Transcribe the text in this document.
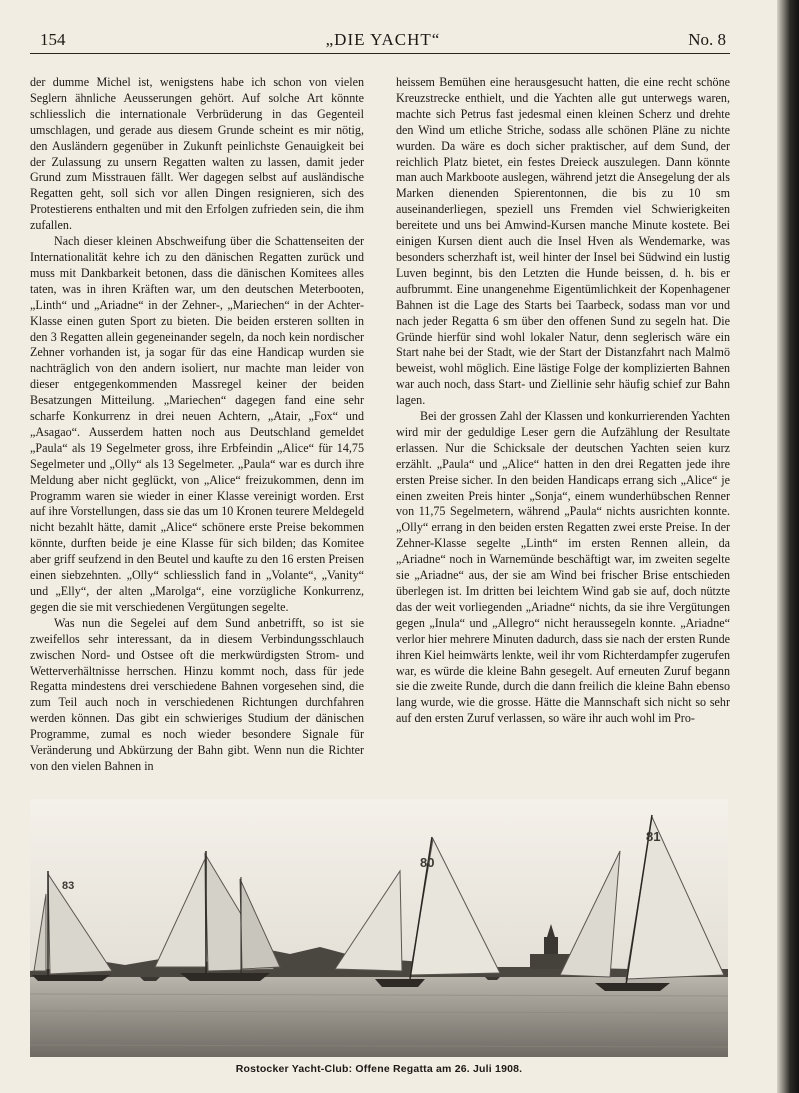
154	„DIE YACHT“	No. 8

der dumme Michel ist, wenigstens habe ich schon von vielen Seglern ähnliche Aeusserungen gehört. Auf solche Art könnte schliesslich die internationale Verbrüderung in das Gegenteil umschlagen, und gerade aus diesem Grunde scheint es mir nötig, den Ausländern gegenüber in Zukunft peinlichste Genauigkeit bei der Zulassung zu unsern Regatten walten zu lassen, damit jeder Grund zum Misstrauen fällt. Wer dagegen selbst auf ausländische Regatten geht, soll sich vor allen Dingen resignieren, sich des Protestierens enthalten und mit den Erfolgen zufrieden sein, die ihm zufallen.

Nach dieser kleinen Abschweifung über die Schattenseiten der Internationalität kehre ich zu den dänischen Regatten zurück und muss mit Dankbarkeit betonen, dass die dänischen Komitees alles taten, was in ihren Kräften war, um den deutschen Meterbooten, „Linth“ und „Ariadne“ in der Zehner-, „Mariechen“ in der Achter-Klasse einen guten Sport zu bieten. Die beiden ersteren sollten in den 3 Regatten allein gegeneinander segeln, da noch kein nordischer Zehner vorhanden ist, ja sogar für das eine Handicap wurden sie nachträglich von den andern isoliert, nur machte man leider von dieser entgegenkommenden Massregel keiner der beiden Besatzungen Mitteilung. „Mariechen“ dagegen fand eine sehr scharfe Konkurrenz in drei neuen Achtern, „Atair, „Fox“ und „Asagao“. Ausserdem hatten noch aus Deutschland gemeldet „Paula“ als 19 Segelmeter gross, ihre Erbfeindin „Alice“ für 14,75 Segelmeter und „Olly“ als 13 Segelmeter. „Paula“ war es durch ihre Meldung aber nicht geglückt, von „Alice“ freizukommen, denn im Programm waren sie wieder in einer Klasse vereinigt worden. Erst auf ihre Vorstellungen, dass sie das um 10 Kronen teurere Meldegeld nicht bezahlt hätte, damit „Alice“ schönere erste Preise bekommen könnte, durften beide je eine Klasse für sich bilden; das Komitee aber griff seufzend in den Beutel und kaufte zu den 16 ersten Preisen einen siebzehnten. „Olly“ schliesslich fand in „Volante“, „Vanity“ und „Elly“, der alten „Marolga“, eine vorzügliche Konkurrenz, gegen die sie mit verschiedenen Vergütungen segelte.

Was nun die Segelei auf dem Sund anbetrifft, so ist sie zweifellos sehr interessant, da in diesem Verbindungsschlauch zwischen Nord- und Ostsee oft die merkwürdigsten Strom- und Wetterverhältnisse herrschen. Hinzu kommt noch, dass für jede Regatta mindestens drei verschiedene Bahnen vorgesehen sind, die zum Teil auch noch in verschiedenen Richtungen durchfahren werden können. Das gibt ein schwieriges Studium der dänischen Programme, zumal es noch wieder besondere Signale für Veränderung und Abkürzung der Bahn gibt. Wenn nun die Richter von den vielen Bahnen in

heissem Bemühen eine herausgesucht hatten, die eine recht schöne Kreuzstrecke enthielt, und die Yachten alle gut unterwegs waren, machte sich Petrus fast jedesmal einen kleinen Scherz und drehte den Wind um etliche Striche, sodass alle schönen Pläne zu nichte wurden. Da wäre es doch sicher praktischer, auf dem Sund, der reichlich Platz bietet, ein festes Dreieck auszulegen. Dann könnte man auch Markboote auslegen, während jetzt die Ansegelung der als Marken dienenden Spierentonnen, die bis zu 10 sm auseinanderliegen, speziell uns Fremden viel Schwierigkeiten bereitete und uns bei Amwind-Kursen manche Minute kostete. Bei einigen Kursen dient auch die Insel Hven als Wendemarke, was besonders scherzhaft ist, weil hinter der Insel bei Südwind ein lustig Luven beginnt, bis den Letzten die Hunde beissen, d. h. bis er aufbrummt. Eine unangenehme Eigentümlichkeit der Kopenhagener Bahnen ist die Lage des Starts bei Taarbeck, sodass man vor und nach jeder Regatta 6 sm über den offenen Sund zu segeln hat. Die Gründe hierfür sind wohl lokaler Natur, denn seglerisch wäre ein Start nahe bei der Stadt, wie der Start der Distanzfahrt nach Malmö beweist, wohl möglich. Eine lästige Folge der komplizierten Bahnen war auch noch, dass Start- und Ziellinie sehr häufig schief zur Bahn lagen.

Bei der grossen Zahl der Klassen und konkurrierenden Yachten wird mir der geduldige Leser gern die Aufzählung der Resultate erlassen. Nur die Schicksale der deutschen Yachten seien kurz erzählt. „Paula“ und „Alice“ hatten in den drei Regatten jede ihre ersten Preise sicher. In den beiden Handicaps errang sich „Alice“ je einen zweiten Preis hinter „Sonja“, einem wunderhübschen Renner von 11,75 Segelmetern, während „Paula“ nichts ausrichten konnte. „Olly“ errang in den beiden ersten Regatten zwei erste Preise. In der Zehner-Klasse segelte „Linth“ im ersten Rennen allein, da „Ariadne“ noch in Warnemünde beschäftigt war, im zweiten segelte sie „Ariadne“ aus, der sie am Wind bei frischer Brise entschieden überlegen ist. Im dritten bei leichtem Wind gab sie auf, doch nützte das der weit vorliegenden „Ariadne“ nichts, da sie ihre Vergütungen gegen „Inula“ und „Allegro“ nicht heraussegeln konnte. „Ariadne“ verlor hier mehrere Minuten dadurch, dass sie nach der ersten Runde ihren Kiel heimwärts lenkte, weil ihr vom Richterdampfer zugerufen war, es würde die kleine Bahn gesegelt. Auf erneuten Zuruf begann sie die zweite Runde, durch die dann freilich die kleine Bahn ebenso lang wurde, wie die grosse. Hätte die Mannschaft sich nicht so sehr auf den ersten Zuruf verlassen, so wäre ihr auch wohl im Pro-

83
80
81
Rostocker Yacht-Club: Offene Regatta am 26. Juli 1908.
